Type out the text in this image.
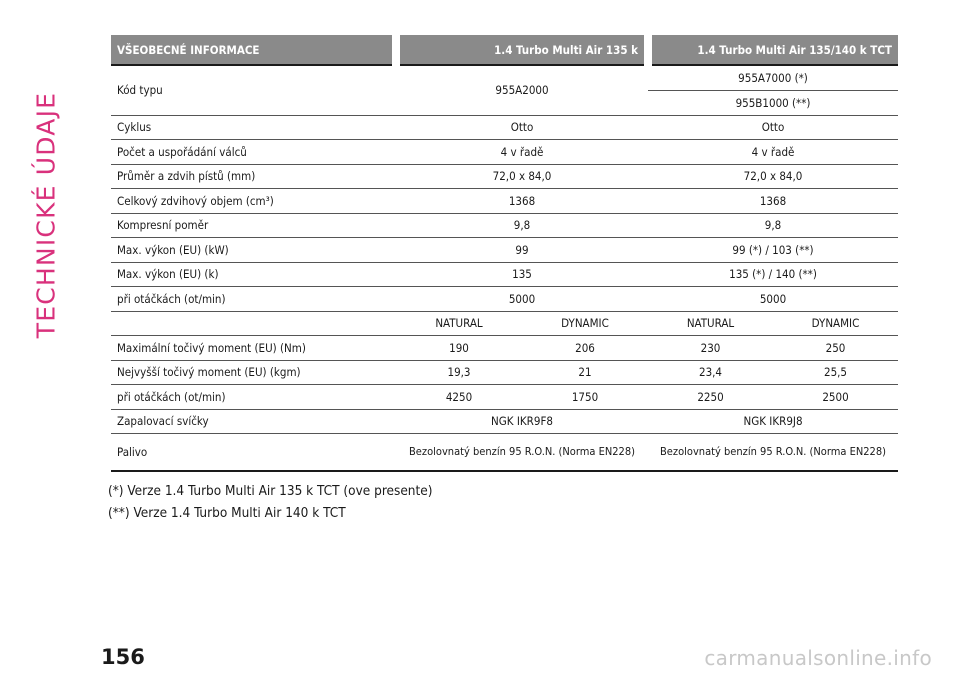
TECHNICKÉ ÚDAJE
VŠEOBECNÉ INFORMACE	1.4 Turbo Multi Air 135 k		1.4 Turbo Multi Air 135/140 k TCT	
Kód typu	955A2000		955A7000 (*)	
			955B1000 (**)	
Cyklus	Otto		Otto	
Počet a uspořádání válců	4 v řadě		4 v řadě	
Průměr a zdvih pístů (mm)	72,0 x 84,0		72,0 x 84,0	
Celkový zdvihový objem (cm³)	1368		1368	
Kompresní poměr	9,8		9,8	
Max. výkon (EU) (kW)	99		99 (*) / 103 (**)	
Max. výkon (EU) (k)	135		135 (*) / 140 (**)	
při otáčkách (ot/min)	5000		5000	
	NATURAL	DYNAMIC	NATURAL	DYNAMIC
Maximální točivý moment (EU) (Nm)	190	206	230	250
Nejvyšší točivý moment (EU) (kgm)	19,3	21	23,4	25,5
při otáčkách (ot/min)	4250	1750	2250	2500
Zapalovací svíčky	NGK IKR9F8		NGK IKR9J8	
Palivo	Bezolovnatý benzín 95 R.O.N. (Norma EN228)		Bezolovnatý benzín 95 R.O.N. (Norma EN228)	
(*) Verze 1.4 Turbo Multi Air 135 k TCT (ove presente)
(**) Verze 1.4 Turbo Multi Air 140 k TCT
156	carmanualsonline.info
